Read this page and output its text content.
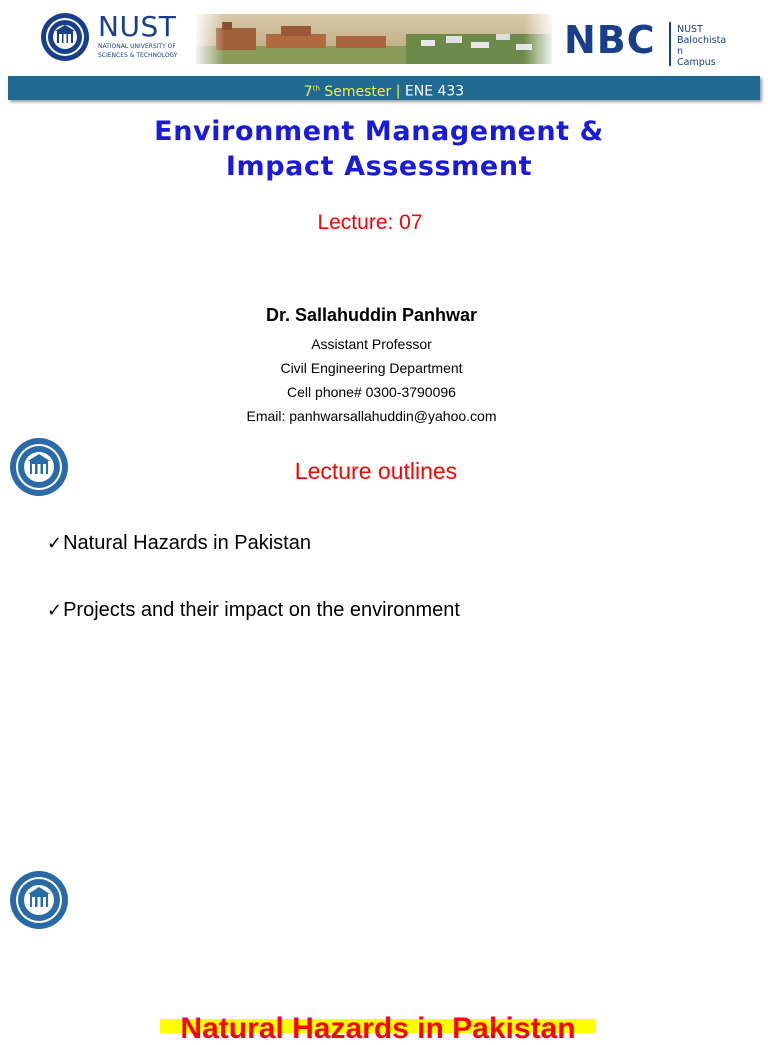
NUST
NATIONAL UNIVERSITY OF
SCIENCES & TECHNOLOGY	NBC NUST
Balochista
n
Campus
7th Semester | ENE 433
Environment Management &
Impact Assessment
Lecture: 07
Dr. Sallahuddin Panhwar
Assistant Professor
Civil Engineering Department
Cell phone# 0300-3790096
Email: panhwarsallahuddin@yahoo.com
Lecture outlines
✓Natural Hazards in Pakistan
✓Projects and their impact on the environment
Natural Hazards in Pakistan
